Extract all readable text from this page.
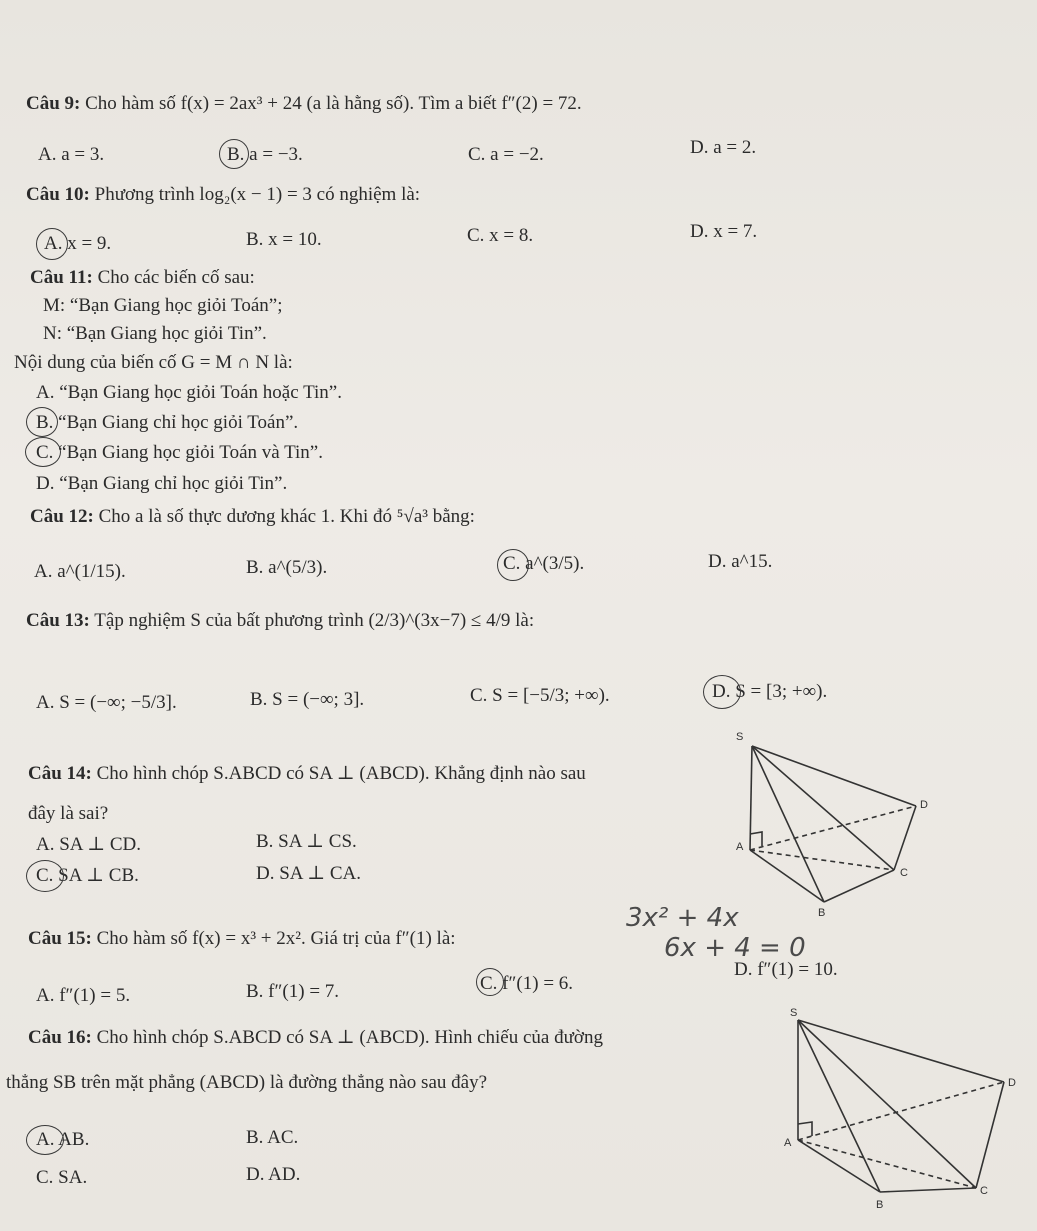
Câu 9: Cho hàm số f(x) = 2ax³ + 24 (a là hằng số). Tìm a biết f″(2) = 72.
A. a = 3.	B. a = −3.	C. a = −2.	D. a = 2.
Câu 10: Phương trình log₂(x − 1) = 3 có nghiệm là:
A. x = 9.	B. x = 10.	C. x = 8.	D. x = 7.
Câu 11: Cho các biến cố sau:
M: “Bạn Giang học giỏi Toán”;
N: “Bạn Giang học giỏi Tin”.
Nội dung của biến cố G = M ∩ N là:
A. “Bạn Giang học giỏi Toán hoặc Tin”.
B. “Bạn Giang chỉ học giỏi Toán”.
C. “Bạn Giang học giỏi Toán và Tin”.
D. “Bạn Giang chỉ học giỏi Tin”.
Câu 12: Cho a là số thực dương khác 1. Khi đó ⁵√a³ bằng:
A. a^(1/15).	B. a^(5/3).	C. a^(3/5).	D. a^15.
Câu 13: Tập nghiệm S của bất phương trình (2/3)^(3x−7) ≤ 4/9 là:
A. S = (−∞; −5/3].	B. S = (−∞; 3].	C. S = [−5/3; +∞).	D. S = [3; +∞).
Câu 14: Cho hình chóp S.ABCD có SA ⊥ (ABCD). Khẳng định nào sau
đây là sai?
A. SA ⊥ CD.	B. SA ⊥ CS.
C. SA ⊥ CB.	D. SA ⊥ CA.
S
A
B
C
D
Câu 15: Cho hàm số f(x) = x³ + 2x². Giá trị của f″(1) là:
3x² + 4x
6x + 4 = 0
A. f″(1) = 5.	B. f″(1) = 7.	C. f″(1) = 6.
D. f″(1) = 10.
Câu 16: Cho hình chóp S.ABCD có SA ⊥ (ABCD). Hình chiếu của đường
thẳng SB trên mặt phẳng (ABCD) là đường thẳng nào sau đây?
A. AB.	B. AC.
C. SA.	D. AD.
S
A
B
C
D
